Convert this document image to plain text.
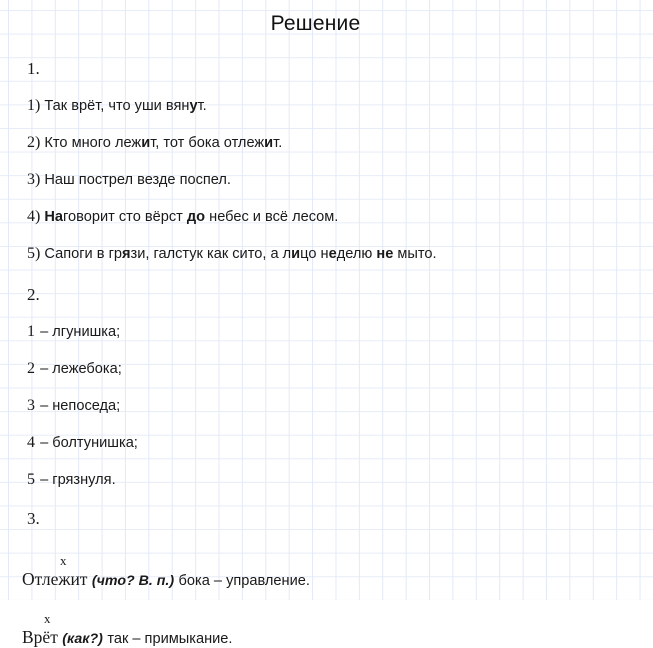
Решение
1.
1) Так врёт, что уши вянут.
2) Кто много лежит, тот бока отлежит.
3) Наш пострел везде поспел.
4) Наговорит сто вёрст до небес и всё лесом.
5) Сапоги в грязи, галстук как сито, а лицо неделю не мыто.
2.
1 – лгунишка;
2 – лежебока;
3 – непоседа;
4 – болтунишка;
5 – грязнуля.
3.
x
Отлежит (что? В. п.) бока – управление.
x
Врёт (как?) так – примыкание.
